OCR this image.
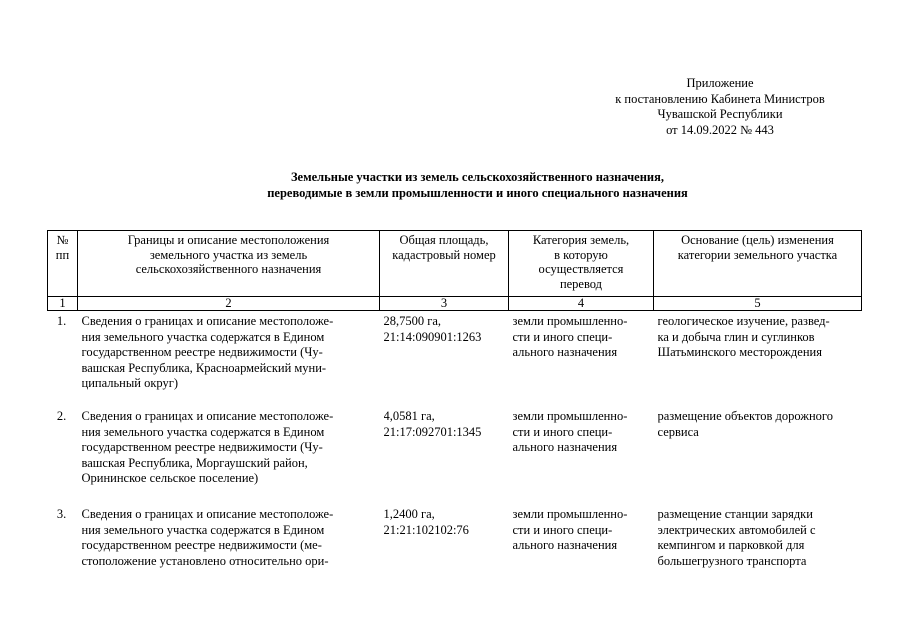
Приложение
к постановлению Кабинета Министров
Чувашской Республики
от 14.09.2022 № 443
Земельные участки из земель сельскохозяйственного назначения,
переводимые в земли промышленности и иного специального назначения
№
пп	Границы и описание местоположения
земельного участка из земель
сельскохозяйственного назначения	Общая площадь,
кадастровый номер	Категория земель,
в которую
осуществляется
перевод	Основание (цель) изменения
категории земельного участка

1	2	3	4	5
1.	Сведения о границах и описание местоположе-
ния земельного участка содержатся в Едином
государственном реестре недвижимости (Чу-
вашская Республика, Красноармейский муни-
ципальный округ)	28,7500 га,
21:14:090901:1263	земли промышленно-
сти и иного специ-
ального назначения	геологическое изучение, развед-
ка и добыча глин и суглинков
Шатьминского месторождения

2.	Сведения о границах и описание местоположе-
ния земельного участка содержатся в Едином
государственном реестре недвижимости (Чу-
вашская Республика, Моргаушский район,
Орининское сельское поселение)	4,0581 га,
21:17:092701:1345	земли промышленно-
сти и иного специ-
ального назначения	размещение объектов дорожного
сервиса

3.	Сведения о границах и описание местоположе-
ния земельного участка содержатся в Едином
государственном реестре недвижимости (ме-
стоположение установлено относительно ори-	1,2400 га,
21:21:102102:76	земли промышленно-
сти и иного специ-
ального назначения	размещение станции зарядки
электрических автомобилей с
кемпингом и парковкой для
большегрузного транспорта
